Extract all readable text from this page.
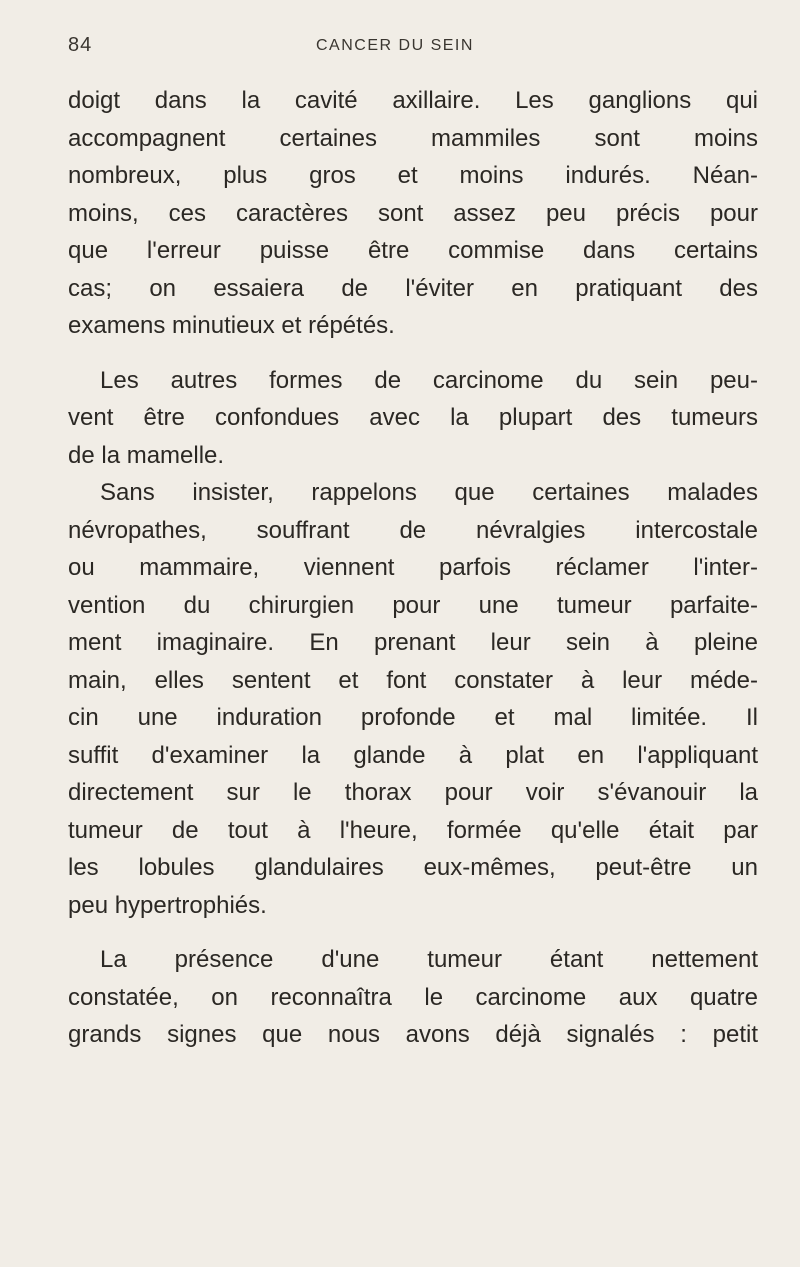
84	CANCER DU SEIN
doigt dans la cavité axillaire. Les ganglions qui
accompagnent certaines mammiles sont moins
nombreux, plus gros et moins indurés. Néan-
moins, ces caractères sont assez peu précis pour
que l'erreur puisse être commise dans certains
cas; on essaiera de l'éviter en pratiquant des
examens minutieux et répétés.
Les autres formes de carcinome du sein peu-
vent être confondues avec la plupart des tumeurs
de la mamelle.
Sans insister, rappelons que certaines malades
névropathes, souffrant de névralgies intercostale
ou mammaire, viennent parfois réclamer l'inter-
vention du chirurgien pour une tumeur parfaite-
ment imaginaire. En prenant leur sein à pleine
main, elles sentent et font constater à leur méde-
cin une induration profonde et mal limitée. Il
suffit d'examiner la glande à plat en l'appliquant
directement sur le thorax pour voir s'évanouir la
tumeur de tout à l'heure, formée qu'elle était par
les lobules glandulaires eux-mêmes, peut-être un
peu hypertrophiés.
La présence d'une tumeur étant nettement
constatée, on reconnaîtra le carcinome aux quatre
grands signes que nous avons déjà signalés : petit
